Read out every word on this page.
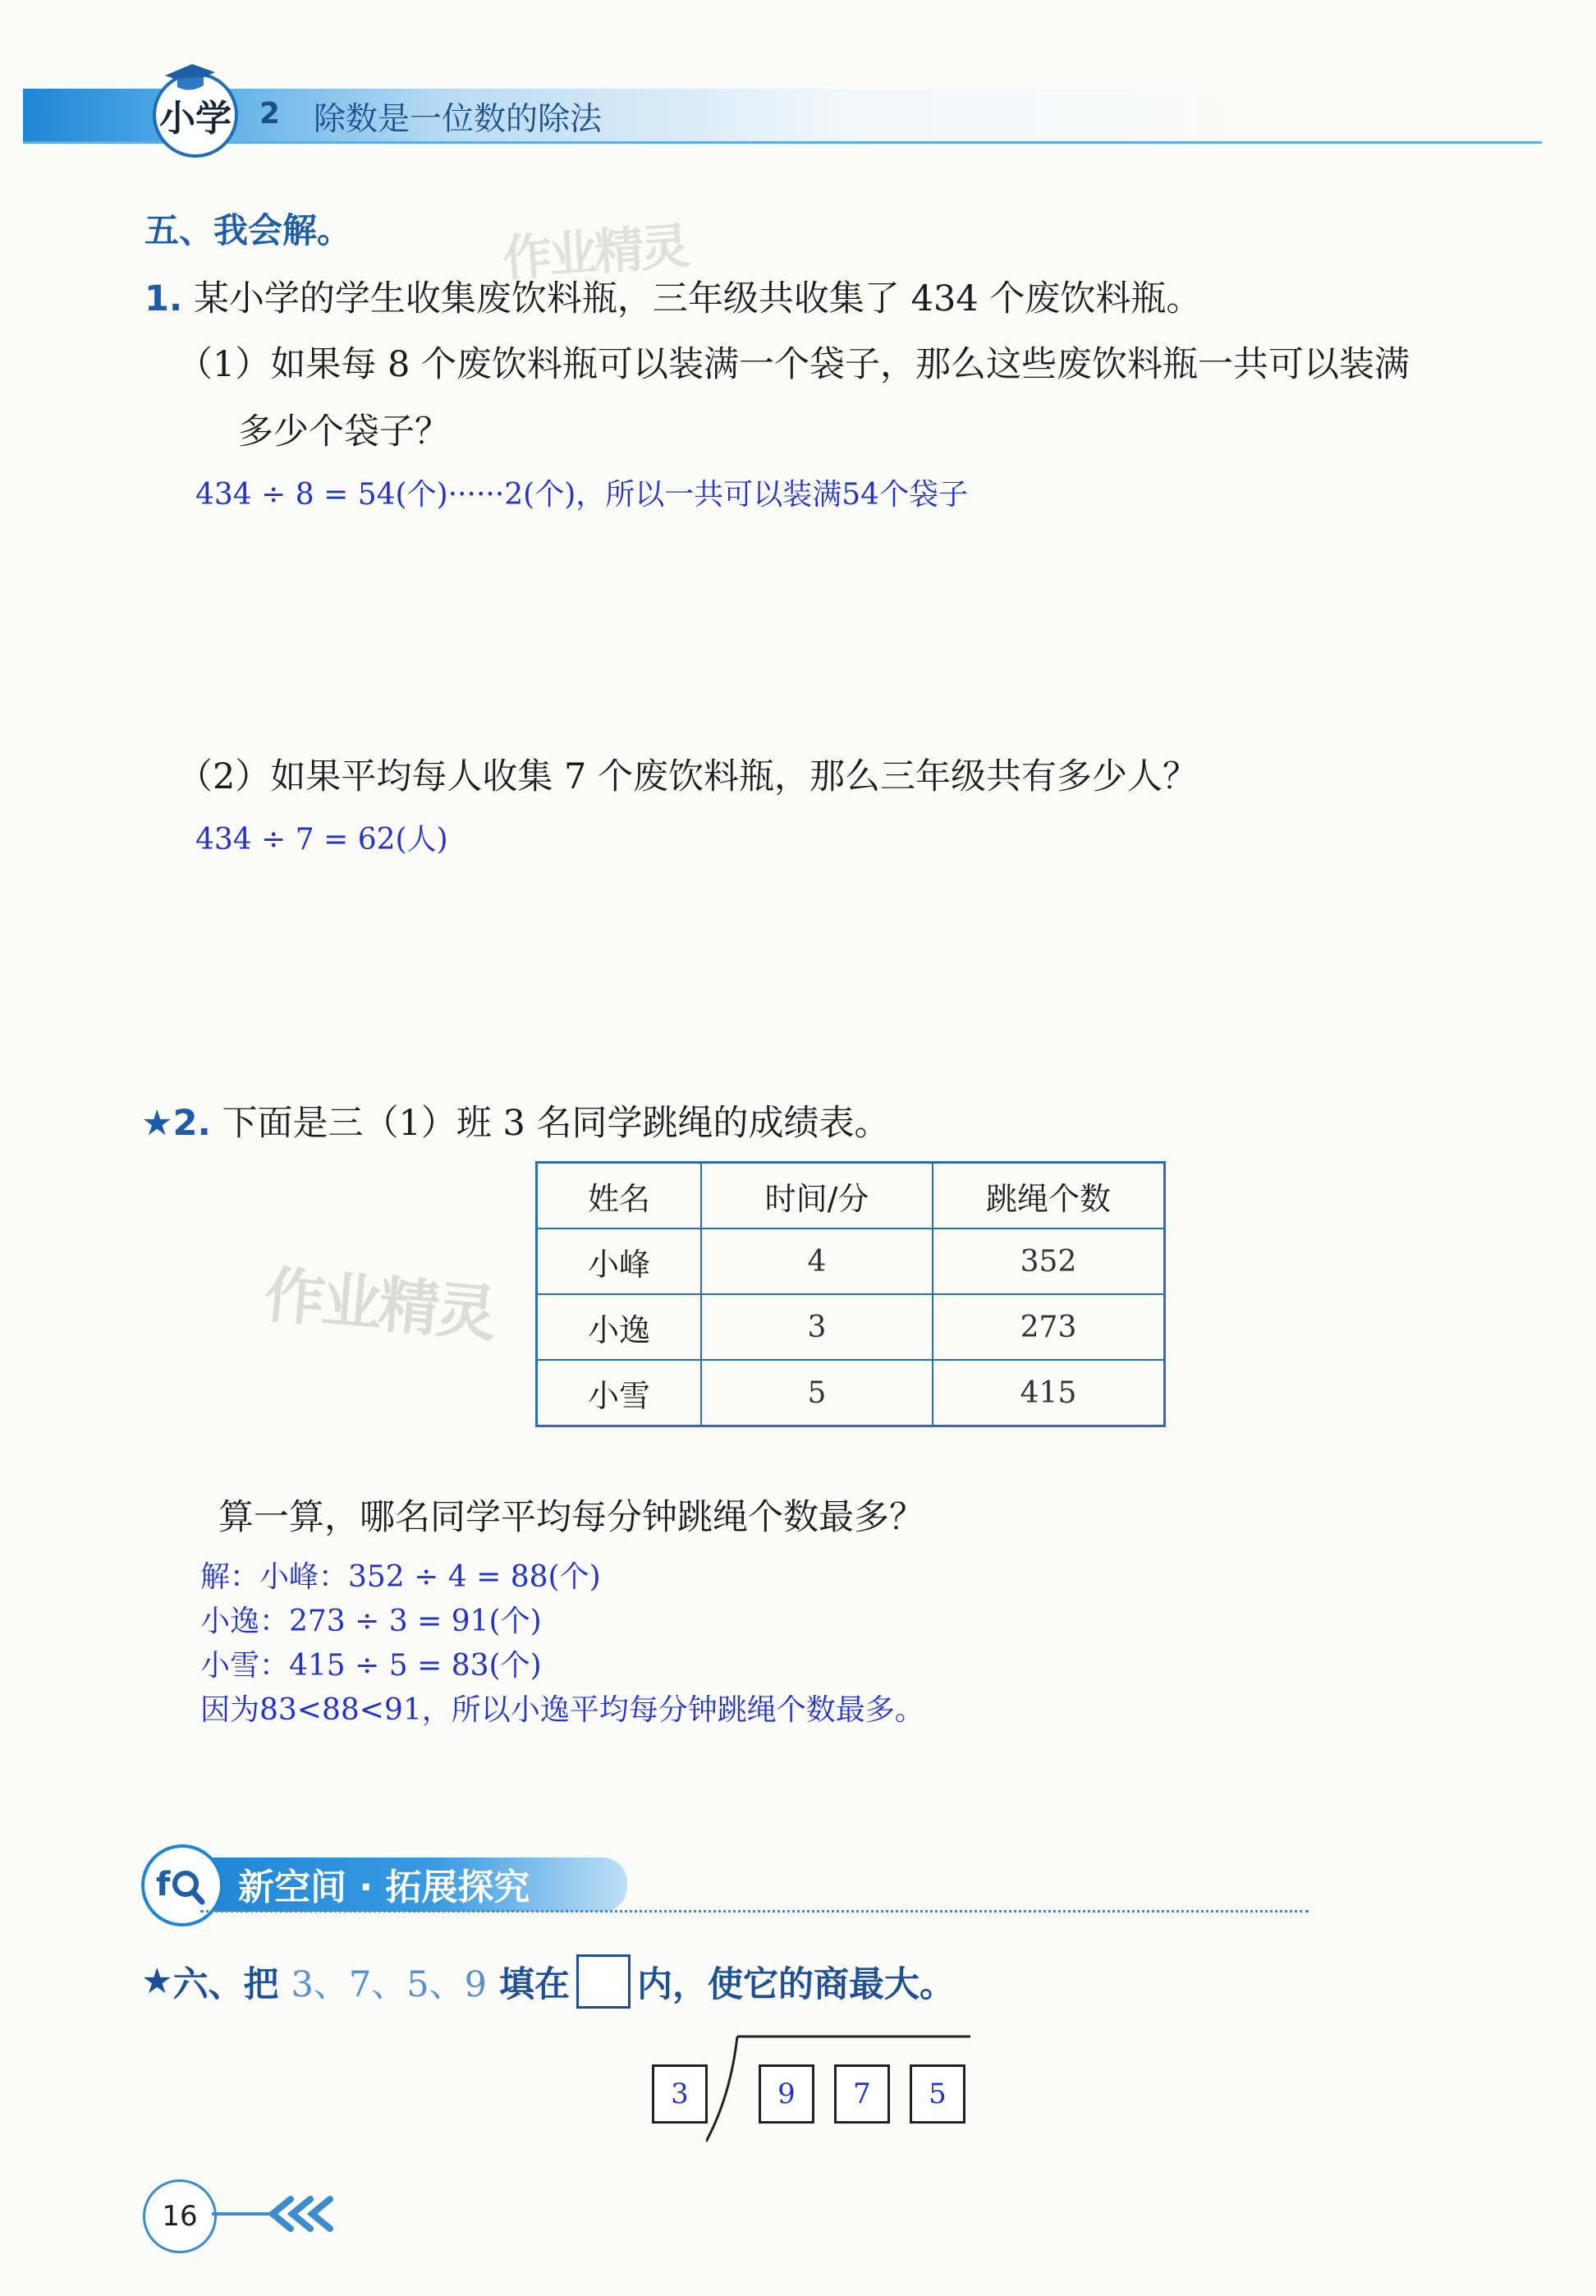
小学 2 除数是一位数的除法
五、我会解。	作业精灵
1. 某小学的学生收集废饮料瓶，三年级共收集了 434 个废饮料瓶。
（1）如果每 8 个废饮料瓶可以装满一个袋子，那么这些废饮料瓶一共可以装满
多少个袋子？
434 ÷ 8 = 54(个)······2(个)，所以一共可以装满54个袋子
（2）如果平均每人收集 7 个废饮料瓶，那么三年级共有多少人？
434 ÷ 7 = 62(人)
★2. 下面是三（1）班 3 名同学跳绳的成绩表。
作业精灵
姓名	时间/分	跳绳个数
小峰	4	352
小逸	3	273
小雪	5	415
算一算，哪名同学平均每分钟跳绳个数最多？
解：小峰：352 ÷ 4 = 88(个)
小逸：273 ÷ 3 = 91(个)
小雪：415 ÷ 5 = 83(个)
因为83<88<91，所以小逸平均每分钟跳绳个数最多。
f 新空间 · 拓展探究
★ 六、把 3、7、5、9 填在 内，使它的商最大。
3	9	7	5
16
